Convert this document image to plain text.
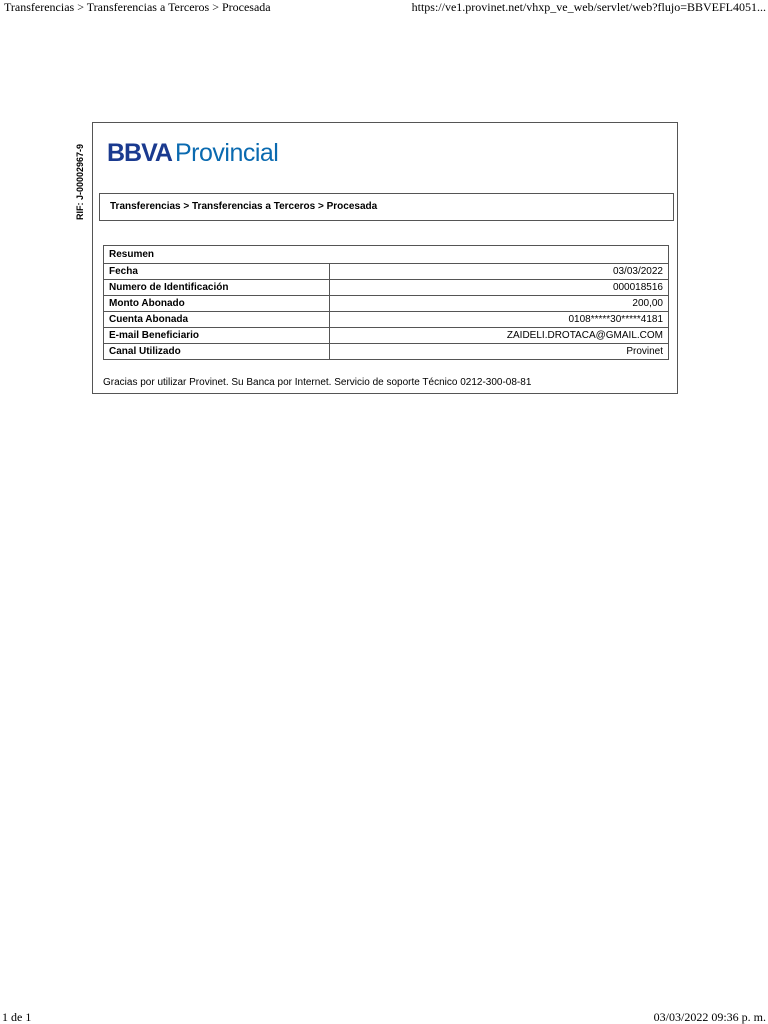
Transferencias > Transferencias a Terceros > Procesada	https://ve1.provinet.net/vhxp_ve_web/servlet/web?flujo=BBVEFL4051...
RIF: J-00002967-9 BBVA Provincial
Transferencias > Transferencias a Terceros > Procesada
Resumen	
Fecha	03/03/2022
Numero de Identificación	000018516
Monto Abonado	200,00
Cuenta Abonada	0108*****30*****4181
E-mail Beneficiario	ZAIDELI.DROTACA@GMAIL.COM
Canal Utilizado	Provinet
Gracias por utilizar Provinet. Su Banca por Internet. Servicio de soporte Técnico 0212-300-08-81
1 de 1	03/03/2022 09:36 p. m.
